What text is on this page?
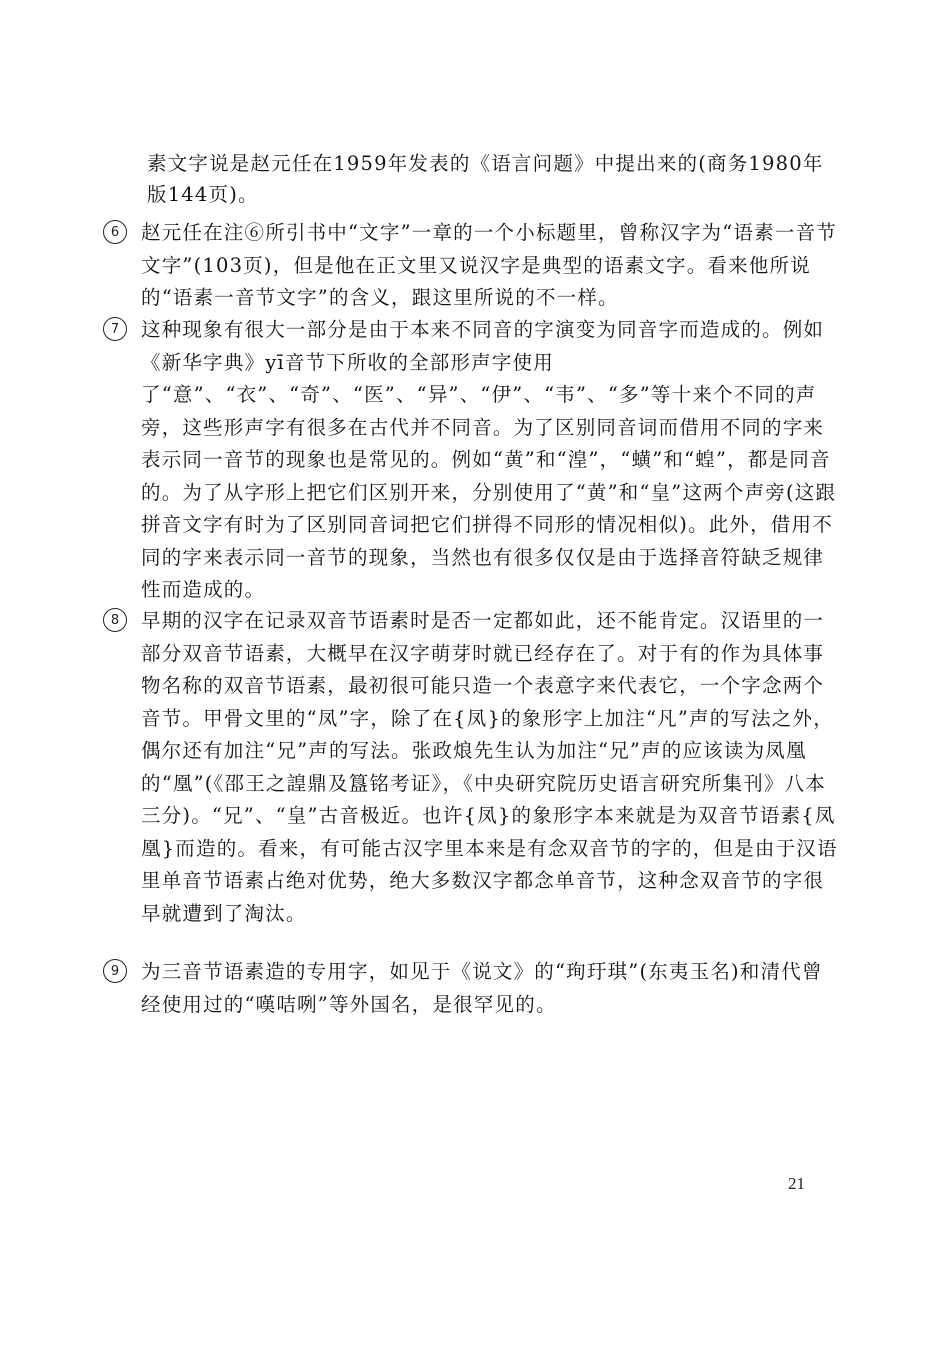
素文字说是赵元任在1959年发表的《语言问题》中提出来的(商务1980年版144页)。
6	赵元任在注⑥所引书中“文字”一章的一个小标题里，曾称汉字为“语素一音节文字”(103页)，但是他在正文里又说汉字是典型的语素文字。看来他所说的“语素一音节文字”的含义，跟这里所说的不一样。
7	这种现象有很大一部分是由于本来不同音的字演变为同音字而造成的。例如《新华字典》yī音节下所收的全部形声字使用了“意”、“衣”、“奇”、“医”、“异”、“伊”、“韦”、“多”等十来个不同的声旁，这些形声字有很多在古代并不同音。为了区别同音词而借用不同的字来表示同一音节的现象也是常见的。例如“黄”和“湟”，“蟥”和“蝗”，都是同音的。为了从字形上把它们区别开来，分别使用了“黄”和“皇”这两个声旁(这跟拼音文字有时为了区别同音词把它们拼得不同形的情况相似)。此外，借用不同的字来表示同一音节的现象，当然也有很多仅仅是由于选择音符缺乏规律性而造成的。
8	早期的汉字在记录双音节语素时是否一定都如此，还不能肯定。汉语里的一部分双音节语素，大概早在汉字萌芽时就已经存在了。对于有的作为具体事物名称的双音节语素，最初很可能只造一个表意字来代表它，一个字念两个音节。甲骨文里的“凤”字，除了在{凤}的象形字上加注“凡”声的写法之外，偶尔还有加注“兄”声的写法。张政烺先生认为加注“兄”声的应该读为凤凰的“凰”(《邵王之諻鼎及簋铭考证》，《中央研究院历史语言研究所集刊》八本三分)。“兄”、“皇”古音极近。也许{凤}的象形字本来就是为双音节语素{凤凰}而造的。看来，有可能古汉字里本来是有念双音节的字的，但是由于汉语里单音节语素占绝对优势，绝大多数汉字都念单音节，这种念双音节的字很早就遭到了淘汰。
9	为三音节语素造的专用字，如见于《说文》的“珣玗琪”(东夷玉名)和清代曾经使用过的“嘆咭咧”等外国名，是很罕见的。
21
